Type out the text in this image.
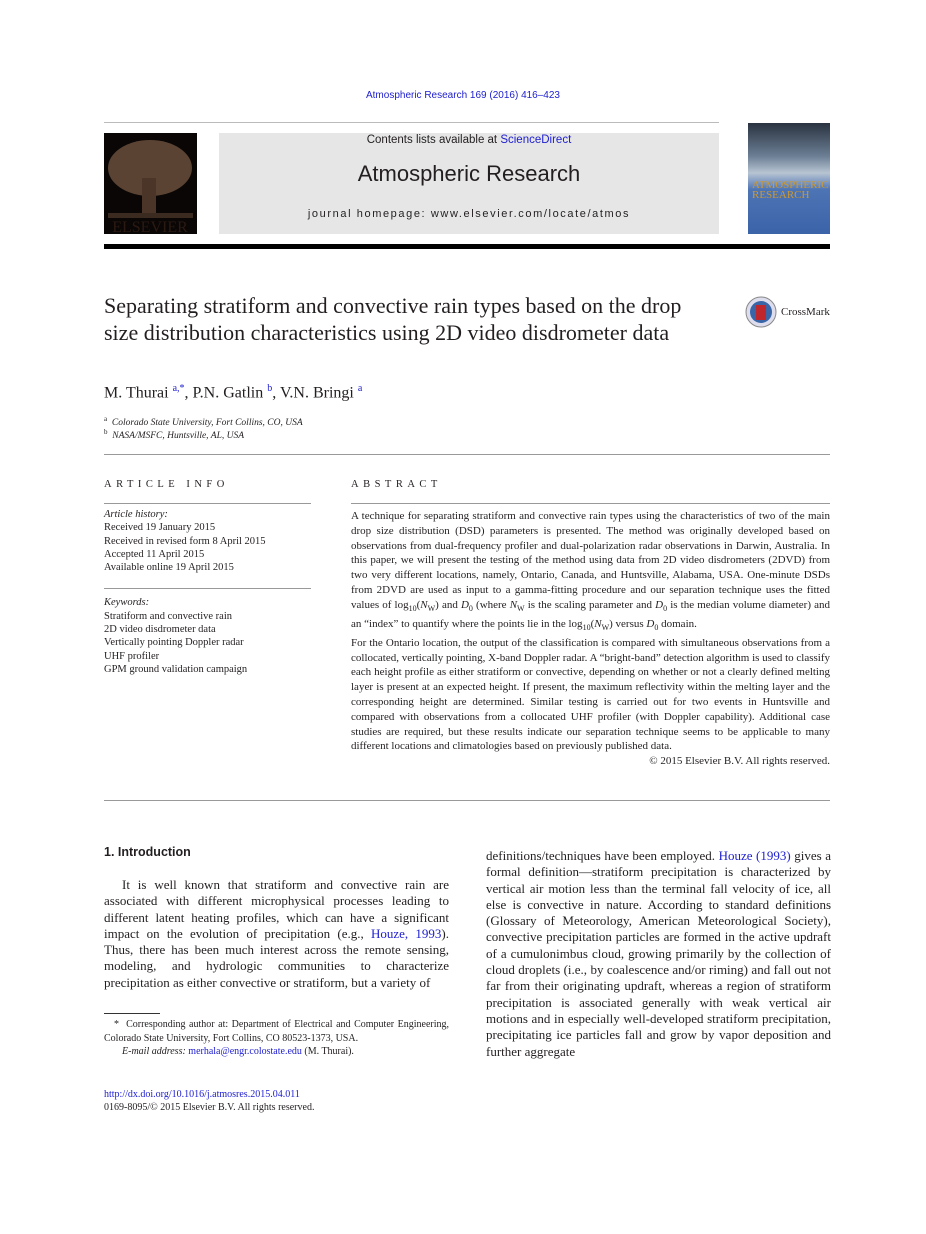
Atmospheric Research 169 (2016) 416–423
ELSEVIER
Contents lists available at ScienceDirect
Atmospheric Research
journal homepage: www.elsevier.com/locate/atmos
ATMOSPHERIC
RESEARCH
Separating stratiform and convective rain types based on the drop size distribution characteristics using 2D video disdrometer data
CrossMark
M. Thurai $^{a,*}$, P.N. Gatlin $^b$, V.N. Bringi $^a$
$^a$ Colorado State University, Fort Collins, CO, USA
$^b$ NASA/MSFC, Huntsville, AL, USA
ARTICLE INFO
Article history:
Received 19 January 2015
Received in revised form 8 April 2015
Accepted 11 April 2015
Available online 19 April 2015
Keywords:
Stratiform and convective rain
2D video disdrometer data
Vertically pointing Doppler radar
UHF profiler
GPM ground validation campaign
ABSTRACT

A technique for separating stratiform and convective rain types using the characteristics of two of the main drop size distribution (DSD) parameters is presented. The method was originally developed based on observations from dual-frequency profiler and dual-polarization radar observations in Darwin, Australia. In this paper, we will present the testing of the method using data from 2D video disdrometers (2DVD) from two very different locations, namely, Ontario, Canada, and Huntsville, Alabama, USA. One-minute DSDs from 2DVD are used as input to a gamma-fitting procedure and our separation technique uses the fitted values of $\log_{10}(N_W)$ and $D_0$ (where $N_W$ is the scaling parameter and $D_0$ is the median volume diameter) and an “index” to quantify where the points lie in the $\log_{10}(N_W)$ versus $D_0$ domain.

For the Ontario location, the output of the classification is compared with simultaneous observations from a collocated, vertically pointing, X-band Doppler radar. A “bright-band” detection algorithm is used to classify each height profile as either stratiform or convective, depending on whether or not a clearly defined melting layer is present at an expected height. If present, the maximum reflectivity within the melting layer and the corresponding height are determined. Similar testing is carried out for two events in Huntsville and compared with observations from a collocated UHF profiler (with Doppler capability). Additional case studies are required, but these results indicate our separation technique seems to be applicable to many different locations and climatologies based on previously published data.

© 2015 Elsevier B.V. All rights reserved.

1. Introduction
It is well known that stratiform and convective rain are associated with different microphysical processes leading to different latent heating profiles, which can have a significant impact on the evolution of precipitation (e.g., Houze, 1993). Thus, there has been much interest across the remote sensing, modeling, and hydrologic communities to characterize precipitation as either convective or stratiform, but a variety of
definitions/techniques have been employed. Houze (1993) gives a formal definition—stratiform precipitation is characterized by vertical air motion less than the terminal fall velocity of ice, all else is convective in nature. According to standard definitions (Glossary of Meteorology, American Meteorological Society), convective precipitation particles are formed in the active updraft of a cumulonimbus cloud, growing primarily by the collection of cloud droplets (i.e., by coalescence and/or riming) and fall out not far from their originating updraft, whereas a region of stratiform precipitation is associated generally with weak vertical air motions and in especially well-developed stratiform precipitation, precipitating ice particles fall and grow by vapor deposition and further aggregate
* Corresponding author at: Department of Electrical and Computer Engineering, Colorado State University, Fort Collins, CO 80523-1373, USA.
E-mail address: merhala@engr.colostate.edu (M. Thurai).
http://dx.doi.org/10.1016/j.atmosres.2015.04.011
0169-8095/© 2015 Elsevier B.V. All rights reserved.
